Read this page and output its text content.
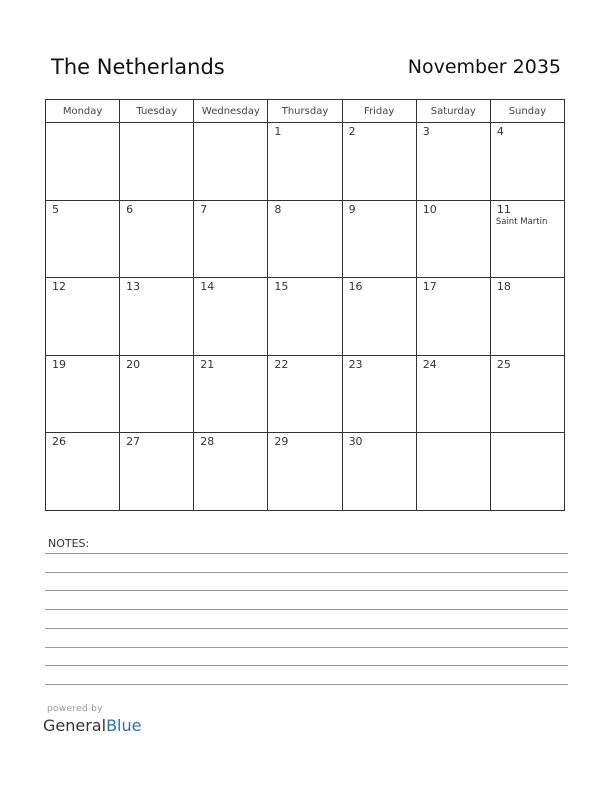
The Netherlands	November 2035
Monday	Tuesday	Wednesday	Thursday	Friday	Saturday	Sunday

			1	2	3	4

5	6	7	8	9	10	11
Saint Martin

12	13	14	15	16	17	18

19	20	21	22	23	24	25

26	27	28	29	30		

NOTES:
powered by
GeneralBlue
